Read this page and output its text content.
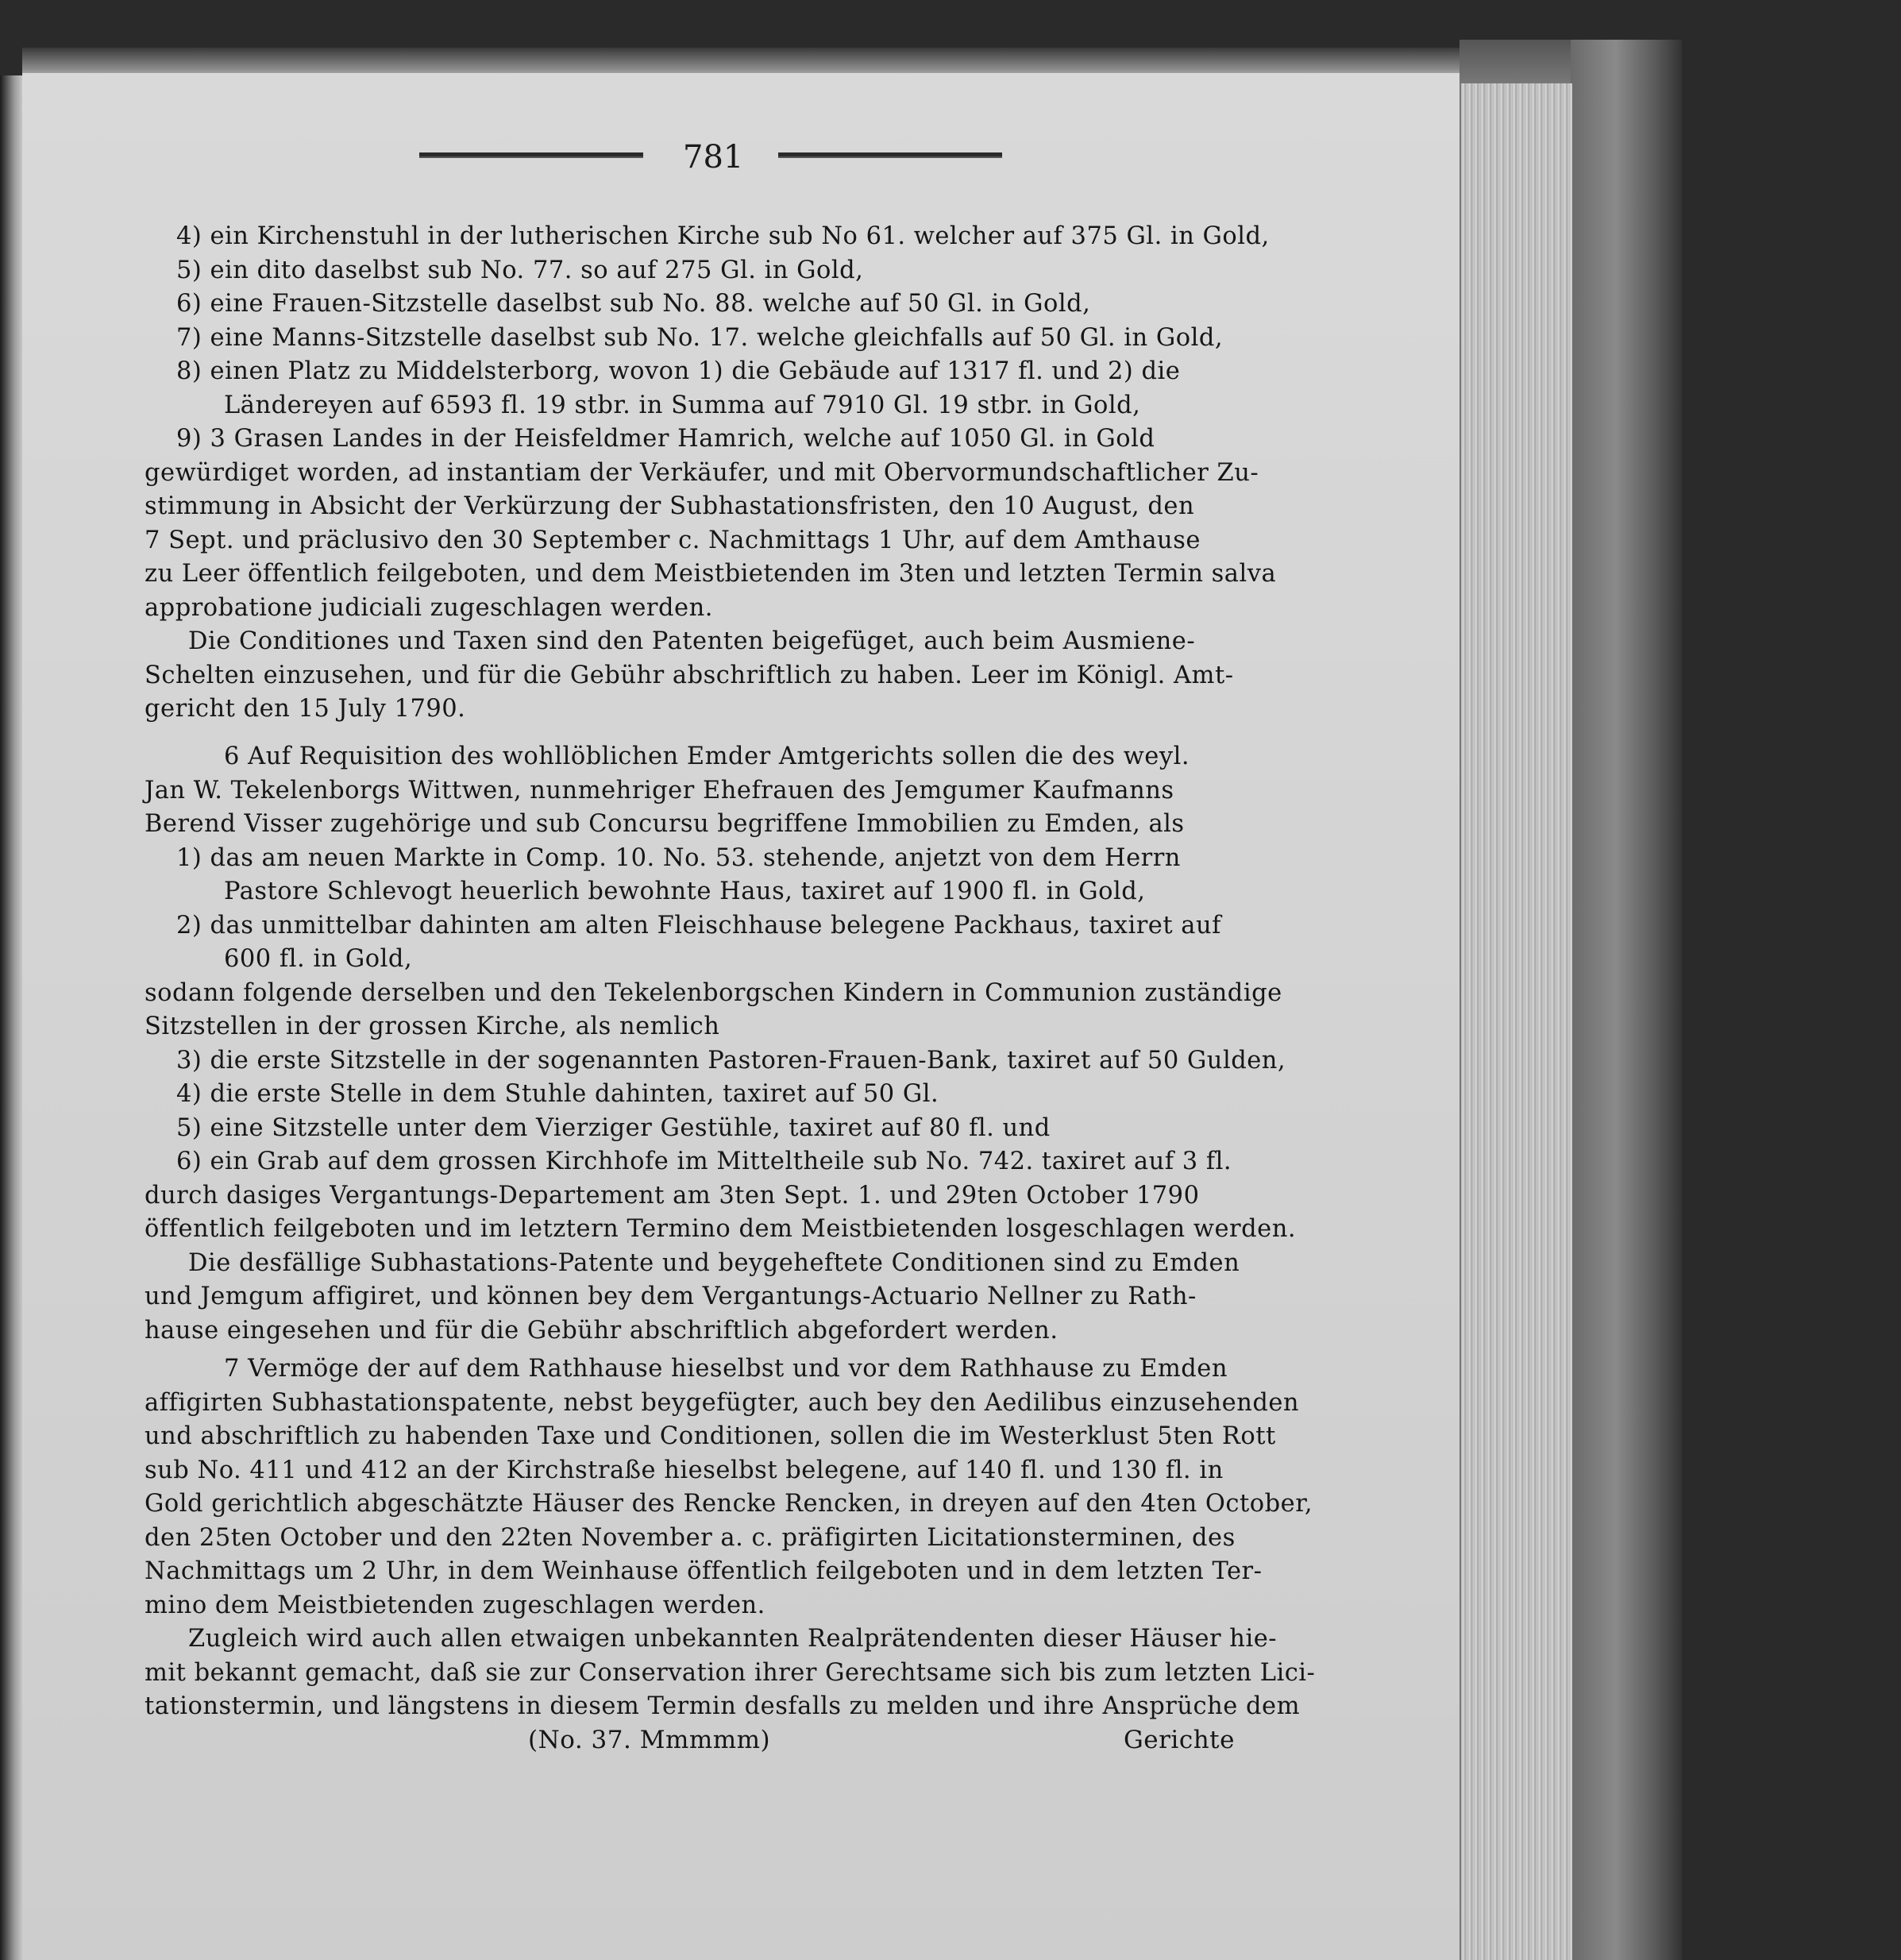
781
4) ein Kirchenstuhl in der lutherischen Kirche sub No 61. welcher auf 375 Gl. in Gold,
5) ein dito daselbst sub No. 77. so auf 275 Gl. in Gold,
6) eine Frauen-Sitzstelle daselbst sub No. 88. welche auf 50 Gl. in Gold,
7) eine Manns-Sitzstelle daselbst sub No. 17. welche gleichfalls auf 50 Gl. in Gold,
8) einen Platz zu Middelsterborg, wovon 1) die Gebäude auf 1317 fl. und 2) die
Ländereyen auf 6593 fl. 19 stbr. in Summa auf 7910 Gl. 19 stbr. in Gold,
9) 3 Grasen Landes in der Heisfeldmer Hamrich, welche auf 1050 Gl. in Gold
gewürdiget worden, ad instantiam der Verkäufer, und mit Obervormundschaftlicher Zu-
stimmung in Absicht der Verkürzung der Subhastationsfristen, den 10 August, den
7 Sept. und präclusivo den 30 September c. Nachmittags 1 Uhr, auf dem Amthause
zu Leer öffentlich feilgeboten, und dem Meistbietenden im 3ten und letzten Termin salva
approbatione judiciali zugeschlagen werden.
Die Conditiones und Taxen sind den Patenten beigefüget, auch beim Ausmiene-
Schelten einzusehen, und für die Gebühr abschriftlich zu haben. Leer im Königl. Amt-
gericht den 15 July 1790.
6 Auf Requisition des wohllöblichen Emder Amtgerichts sollen die des weyl.
Jan W. Tekelenborgs Wittwen, nunmehriger Ehefrauen des Jemgumer Kaufmanns
Berend Visser zugehörige und sub Concursu begriffene Immobilien zu Emden, als
1) das am neuen Markte in Comp. 10. No. 53. stehende, anjetzt von dem Herrn
Pastore Schlevogt heuerlich bewohnte Haus, taxiret auf 1900 fl. in Gold,
2) das unmittelbar dahinten am alten Fleischhause belegene Packhaus, taxiret auf
600 fl. in Gold,
sodann folgende derselben und den Tekelenborgschen Kindern in Communion zuständige
Sitzstellen in der grossen Kirche, als nemlich
3) die erste Sitzstelle in der sogenannten Pastoren-Frauen-Bank, taxiret auf 50 Gulden,
4) die erste Stelle in dem Stuhle dahinten, taxiret auf 50 Gl.
5) eine Sitzstelle unter dem Vierziger Gestühle, taxiret auf 80 fl. und
6) ein Grab auf dem grossen Kirchhofe im Mitteltheile sub No. 742. taxiret auf 3 fl.
durch dasiges Vergantungs-Departement am 3ten Sept. 1. und 29ten October 1790
öffentlich feilgeboten und im letztern Termino dem Meistbietenden losgeschlagen werden.
Die desfällige Subhastations-Patente und beygeheftete Conditionen sind zu Emden
und Jemgum affigiret, und können bey dem Vergantungs-Actuario Nellner zu Rath-
hause eingesehen und für die Gebühr abschriftlich abgefordert werden.
7 Vermöge der auf dem Rathhause hieselbst und vor dem Rathhause zu Emden
affigirten Subhastationspatente, nebst beygefügter, auch bey den Aedilibus einzusehenden
und abschriftlich zu habenden Taxe und Conditionen, sollen die im Westerklust 5ten Rott
sub No. 411 und 412 an der Kirchstraße hieselbst belegene, auf 140 fl. und 130 fl. in
Gold gerichtlich abgeschätzte Häuser des Rencke Rencken, in dreyen auf den 4ten October,
den 25ten October und den 22ten November a. c. präfigirten Licitationsterminen, des
Nachmittags um 2 Uhr, in dem Weinhause öffentlich feilgeboten und in dem letzten Ter-
mino dem Meistbietenden zugeschlagen werden.
Zugleich wird auch allen etwaigen unbekannten Realprätendenten dieser Häuser hie-
mit bekannt gemacht, daß sie zur Conservation ihrer Gerechtsame sich bis zum letzten Lici-
tationstermin, und längstens in diesem Termin desfalls zu melden und ihre Ansprüche dem
(No. 37. Mmmmm)	Gerichte
